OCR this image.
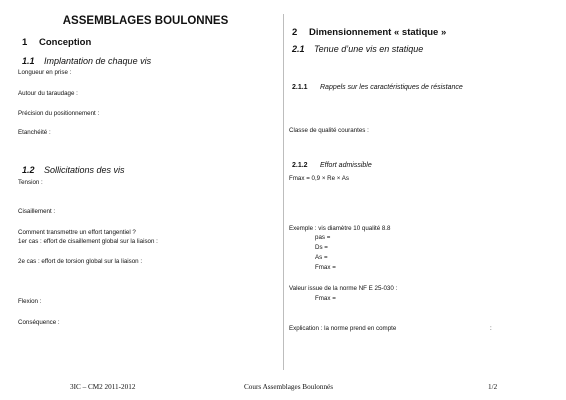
ASSEMBLAGES BOULONNES
1 Conception
1.1 Implantation de chaque vis
Longueur en prise :
Autour du taraudage :
Précision du positionnement :
Etanchéité :
1.2 Sollicitations des vis
Tension :
Cisaillement :
Comment transmettre un effort tangentiel ?
1er cas : effort de cisaillement global sur la liaison :
2e cas : effort de torsion global sur la liaison :
Flexion :
Conséquence :
2 Dimensionnement « statique »
2.1 Tenue d’une vis en statique
2.1.1 Rappels sur les caractéristiques de résistance
Classe de qualité courantes :
2.1.2 Effort admissible
Fmax = 0,9 × Re × As
Exemple : vis diamètre 10 qualité 8.8
pas =
Ds =
As =
Fmax =
Valeur issue de la norme NF E 25-030 :
Fmax =
Explication : la norme prend en compte	:
3IC – CM2 2011-2012	Cours Assemblages Boulonnés	1/2
